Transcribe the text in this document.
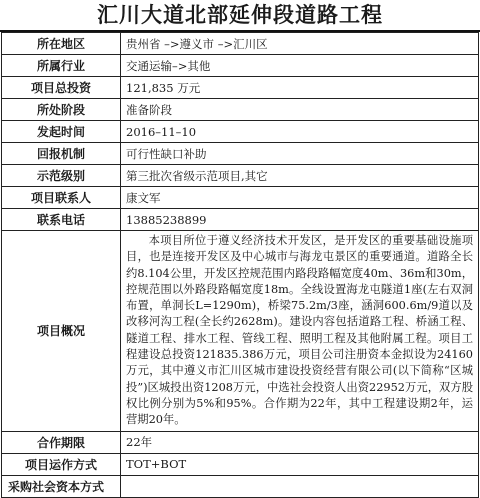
汇川大道北部延伸段道路工程
所在地区	贵州省 –>遵义市 –>汇川区
所属行业	交通运输–>其他
项目总投资	121,835 万元
所处阶段	准备阶段
发起时间	2016–11–10
回报机制	可行性缺口补助
示范级别	第三批次省级示范项目,其它
项目联系人	康文军
联系电话	13885238899
项目概况	本项目所位于遵义经济技术开发区，是开发区的重要基础设施项目，也是连接开发区及中心城市与海龙屯景区的重要通道。道路全长约8.104公里，开发区控规范围内路段路幅宽度40m、36m和30m，控规范围以外路段路幅宽度18m。全线设置海龙屯隧道1座(左右双洞布置，单洞长L=1290m)，桥梁75.2m/3座，涵洞600.6m/9道以及改移河沟工程(全长约2628m)。建设内容包括道路工程、桥涵工程、隧道工程、排水工程、管线工程、照明工程及其他附属工程。项目工程建设总投资121835.386万元，项目公司注册资本金拟设为24160万元，其中遵义市汇川区城市建设投资经营有限公司(以下简称“区城投”)区城投出资1208万元，中选社会投资人出资22952万元，双方股权比例分别为5%和95%。合作期为22年，其中工程建设期2年，运营期20年。

合作期限	22年
项目运作方式	TOT+BOT
采购社会资本方式	
